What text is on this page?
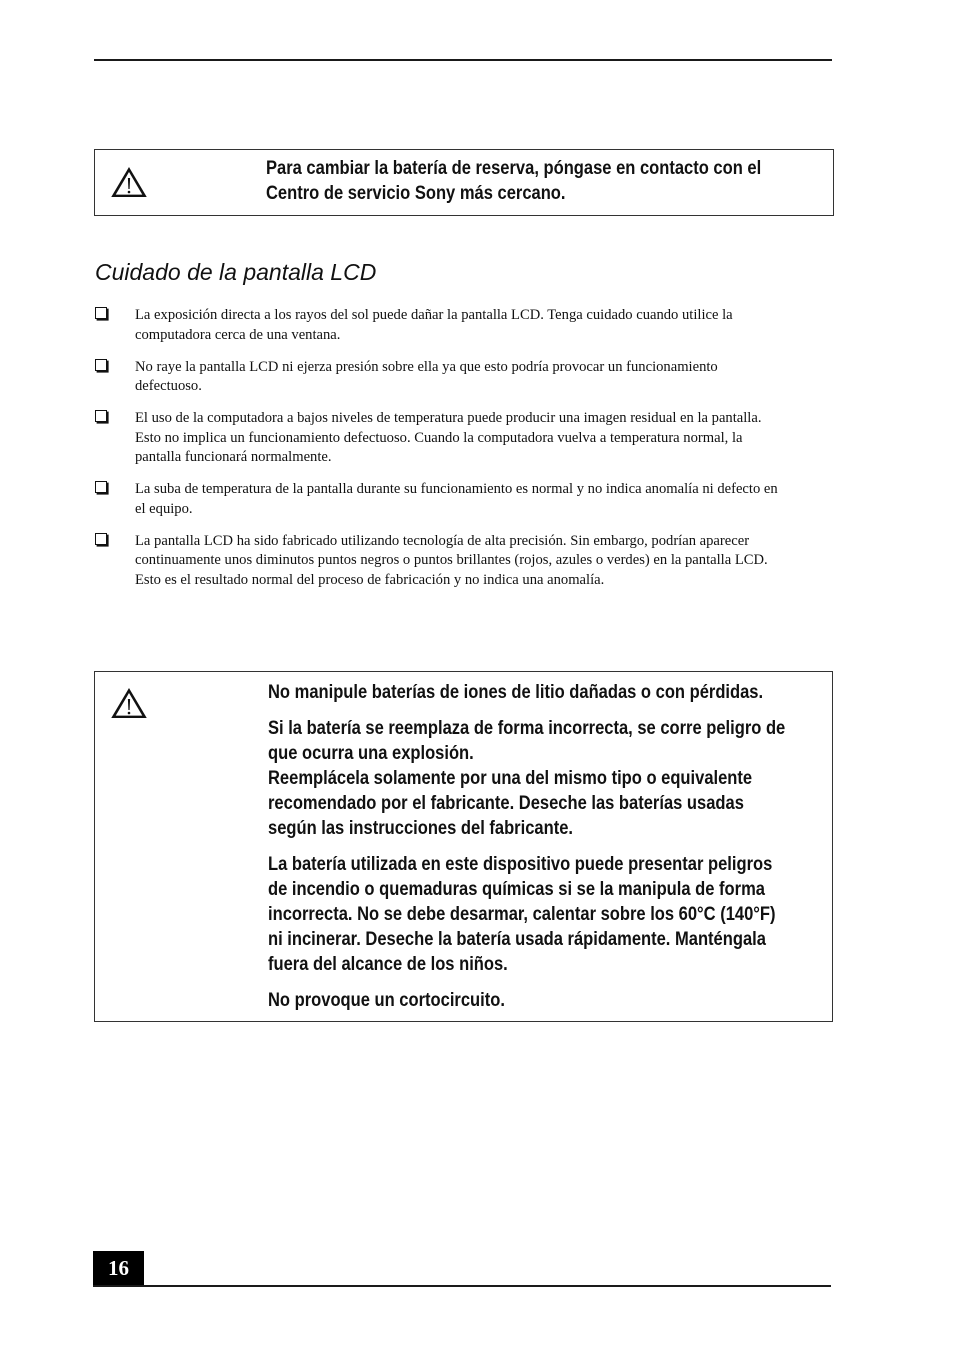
Para cambiar la batería de reserva, póngase en contacto con el
Centro de servicio Sony más cercano.

Cuidado de la pantalla LCD
La exposición directa a los rayos del sol puede dañar la pantalla LCD. Tenga cuidado cuando utilice la
computadora cerca de una ventana.
No raye la pantalla LCD ni ejerza presión sobre ella ya que esto podría provocar un funcionamiento
defectuoso.
El uso de la computadora a bajos niveles de temperatura puede producir una imagen residual en la pantalla.
Esto no implica un funcionamiento defectuoso. Cuando la computadora vuelva a temperatura normal, la
pantalla funcionará normalmente.
La suba de temperatura de la pantalla durante su funcionamiento es normal y no indica anomalía ni defecto en
el equipo.
La pantalla LCD ha sido fabricado utilizando tecnología de alta precisión. Sin embargo, podrían aparecer
continuamente unos diminutos puntos negros o puntos brillantes (rojos, azules o verdes) en la pantalla LCD.
Esto es el resultado normal del proceso de fabricación y no indica una anomalía.

No manipule baterías de iones de litio dañadas o con pérdidas.

Si la batería se reemplaza de forma incorrecta, se corre peligro de
que ocurra una explosión.

Reemplácela solamente por una del mismo tipo o equivalente
recomendado por el fabricante. Deseche las baterías usadas
según las instrucciones del fabricante.

La batería utilizada en este dispositivo puede presentar peligros
de incendio o quemaduras químicas si se la manipula de forma
incorrecta. No se debe desarmar, calentar sobre los 60°C (140°F)
ni incinerar. Deseche la batería usada rápidamente. Manténgala
fuera del alcance de los niños.

No provoque un cortocircuito.

16
